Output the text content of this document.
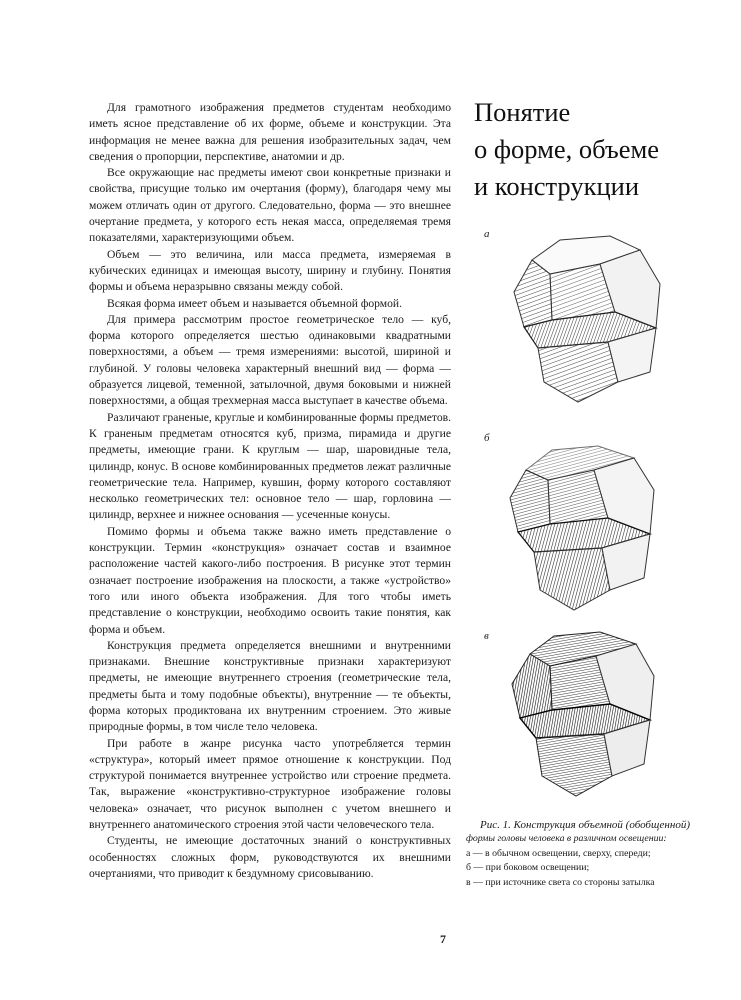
Для грамотного изображения предметов студентам необходимо иметь ясное представление об их форме, объеме и конструкции. Эта информация не менее важна для решения изобразительных задач, чем сведения о пропорции, перспективе, анатомии и др.

Все окружающие нас предметы имеют свои конкретные признаки и свойства, присущие только им очертания (форму), благодаря чему мы можем отличать один от другого. Следовательно, форма — это внешнее очертание предмета, у которого есть некая масса, определяемая тремя показателями, характеризующими объем.

Объем — это величина, или масса предмета, измеряемая в кубических единицах и имеющая высоту, ширину и глубину. Понятия формы и объема неразрывно связаны между собой.

Всякая форма имеет объем и называется объемной формой.

Для примера рассмотрим простое геометрическое тело — куб, форма которого определяется шестью одинаковыми квадратными поверхностями, а объем — тремя измерениями: высотой, шириной и глубиной. У головы человека характерный внешний вид — форма — образуется лицевой, теменной, затылочной, двумя боковыми и нижней поверхностями, а общая трехмерная масса выступает в качестве объема.

Различают граненые, круглые и комбинированные формы предметов. К граненым предметам относятся куб, призма, пирамида и другие предметы, имеющие грани. К круглым — шар, шаровидные тела, цилиндр, конус. В основе комбинированных предметов лежат различные геометрические тела. Например, кувшин, форму которого составляют несколько геометрических тел: основное тело — шар, горловина — цилиндр, верхнее и нижнее основания — усеченные конусы.

Помимо формы и объема также важно иметь представление о конструкции. Термин «конструкция» означает состав и взаимное расположение частей какого-либо построения. В рисунке этот термин означает построение изображения на плоскости, а также «устройство» того или иного объекта изображения. Для того чтобы иметь представление о конструкции, необходимо освоить такие понятия, как форма и объем.

Конструкция предмета определяется внешними и внутренними признаками. Внешние конструктивные признаки характеризуют предметы, не имеющие внутреннего строения (геометрические тела, предметы быта и тому подобные объекты), внутренние — те объекты, форма которых продиктована их внутренним строением. Это живые природные формы, в том числе тело человека.

При работе в жанре рисунка часто употребляется термин «структура», который имеет прямое отношение к конструкции. Под структурой понимается внутреннее устройство или строение предмета. Так, выражение «конструктивно-структурное изображение головы человека» означает, что рисунок выполнен с учетом внешнего и внутреннего анатомического строения этой части человеческого тела.

Студенты, не имеющие достаточных знаний о конструктивных особенностях сложных форм, руководствуются их внешними очертаниями, что приводит к бездумному срисовыванию.

Понятие
о форме, объеме
и конструкции
а
б
в
Рис. 1. Конструкция объемной (обобщенной)
формы головы человека в различном освещении:
а — в обычном освещении, сверху, спереди;
б — при боковом освещении;
в — при источнике света со стороны затылка
7
